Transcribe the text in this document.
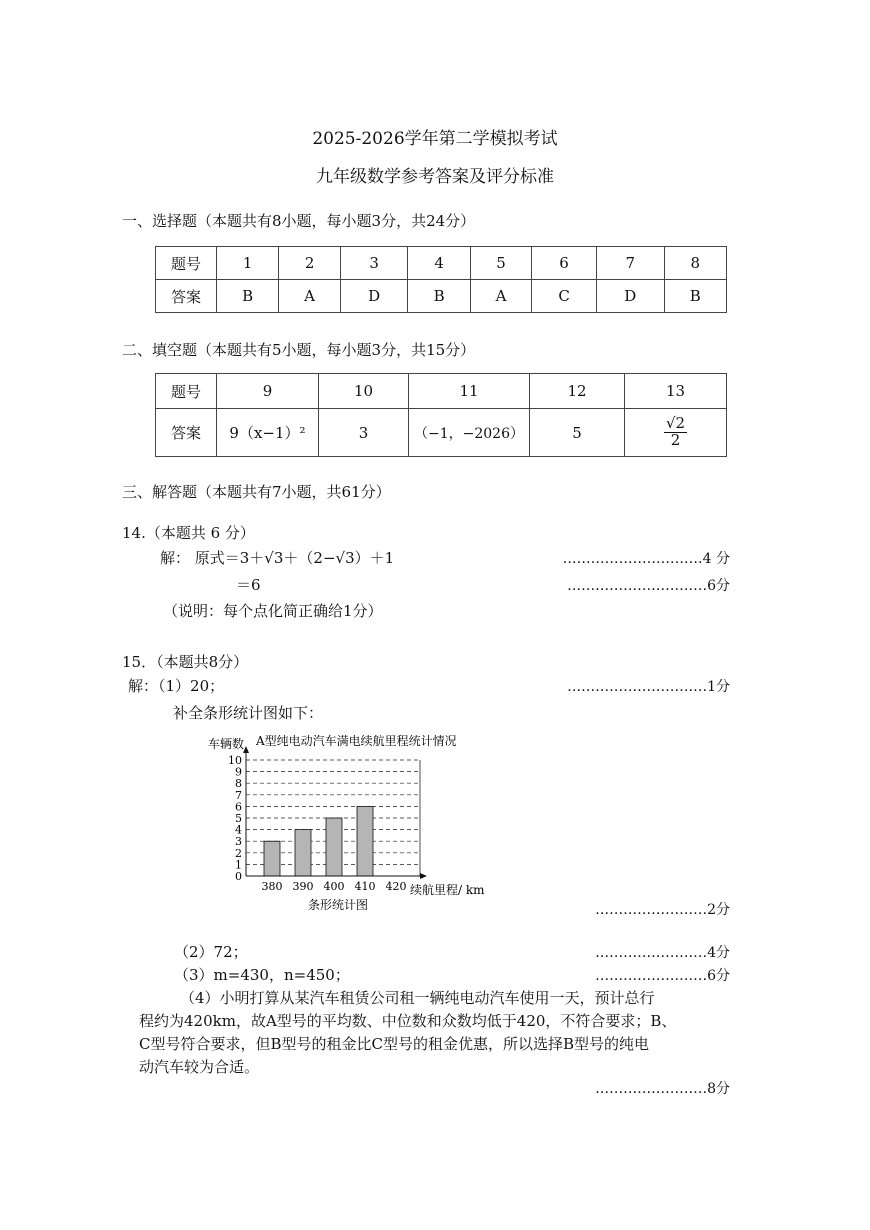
2025-2026学年第二学模拟考试
九年级数学参考答案及评分标准
一、选择题（本题共有8小题，每小题3分，共24分）
题号	1	2	3	4	5	6	7	8
答案	B	A	D	B	A	C	D	B
二、填空题（本题共有5小题，每小题3分，共15分）
题号	9	10	11	12	13
答案	9（x−1）²	3	（−1，−2026）	5	$\frac{√2}{2}$
三、解答题（本题共有7小题，共61分）
14.（本题共 6 分）
解： 原式＝3＋√3＋（2−√3）＋1	…………………………4 分
＝6	…………………………6分
（说明：每个点化简正确给1分）
15．（本题共8分）
解：（1）20；	…………………………1分
补全条形统计图如下：
车辆数 A型纯电动汽车满电续航里程统计情况
0
1
2
3
4
5
6
7
8
9
10
380 390 400 410 420 续航里程/ km
条形统计图	……………………2分
（2）72；	……………………4分
（3）m=430，n=450；	……………………6分
（4）小明打算从某汽车租赁公司租一辆纯电动汽车使用一天，预计总行
程约为420km，故A型号的平均数、中位数和众数均低于420，不符合要求；B、
C型号符合要求，但B型号的租金比C型号的租金优惠，所以选择B型号的纯电
动汽车较为合适。
……………………8分
